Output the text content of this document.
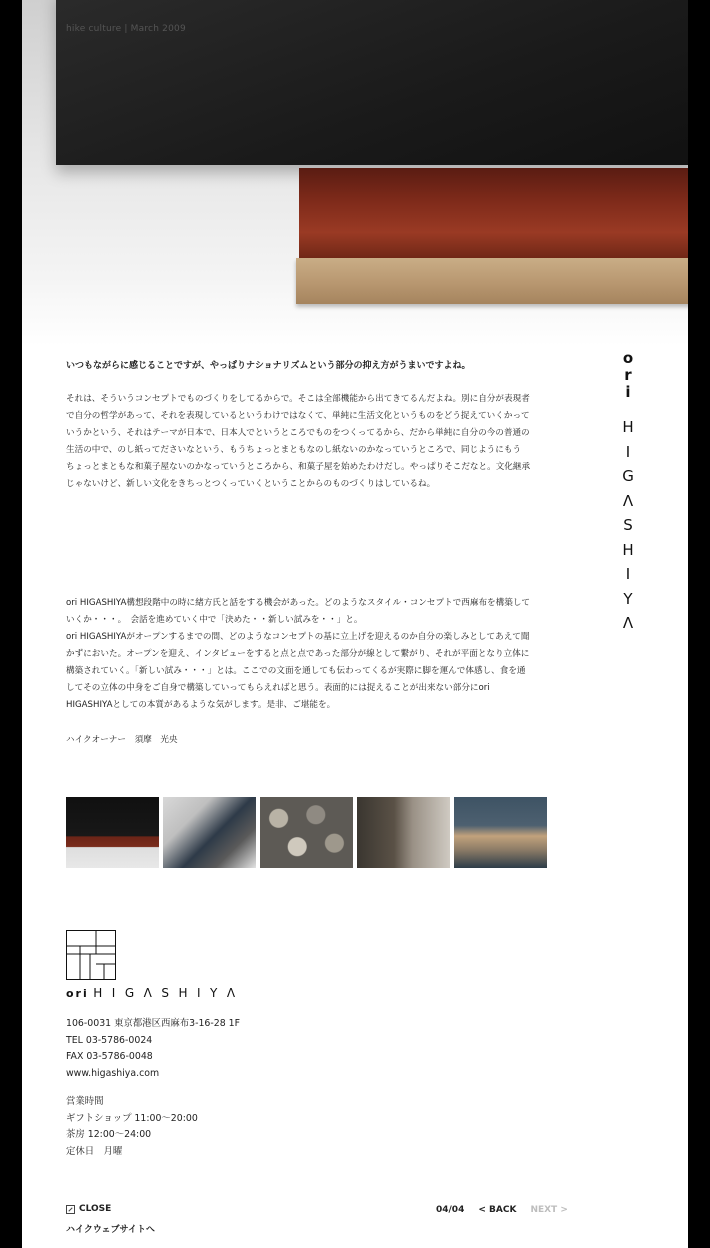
hike culture | March 2009
o
r
i
H
I
G
Λ
S
H
I
Y
Λ
いつもながらに感じることですが、やっぱりナショナリズムという部分の抑え方がうまいですよね。
それは、そういうコンセプトでものづくりをしてるからで。そこは全部機能から出てきてるんだよね。別に自分が表現者
で自分の哲学があって、それを表現しているというわけではなくて、単純に生活文化というものをどう捉えていくかって
いうかという、それはテーマが日本で、日本人でというところでものをつくってるから、だから単純に自分の今の普通の
生活の中で、のし紙ってださいなという、もうちょっとまともなのし紙ないのかなっていうところで、同じようにもう
ちょっとまともな和菓子屋ないのかなっていうところから、和菓子屋を始めたわけだし。やっぱりそこだなと。文化継承
じゃないけど、新しい文化をきちっとつくっていくということからのものづくりはしているね。
ori HIGASHIYA構想段階中の時に緒方氏と話をする機会があった。どのようなスタイル・コンセプトで西麻布を構築して
いくか・・・。　会話を進めていく中で「決めた・・新しい試みを・・」と。
ori HIGASHIYAがオープンするまでの間、どのようなコンセプトの基に立上げを迎えるのか自分の楽しみとしてあえて聞
かずにおいた。オープンを迎え、インタビューをすると点と点であった部分が線として繋がり、それが平面となり立体に
構築されていく。「新しい試み・・・」とは。ここでの文面を通しても伝わってくるが実際に脚を運んで体感し、食を通
してその立体の中身をご自身で構築していってもらえればと思う。表面的には捉えることが出来ない部分にori
HIGASHIYAとしての本質があるような気がします。是非、ご堪能を。
ハイクオーナー　須摩　光央
ori HIGΛSHIYΛ
106-0031 東京都港区西麻布3-16-28 1F
TEL 03-5786-0024
FAX 03-5786-0048
www.higashiya.com
営業時間
ギフトショップ 11:00〜20:00
茶房 12:00〜24:00
定休日　月曜
CLOSE
ハイクウェブサイトへ
04/04 < BACK NEXT >
